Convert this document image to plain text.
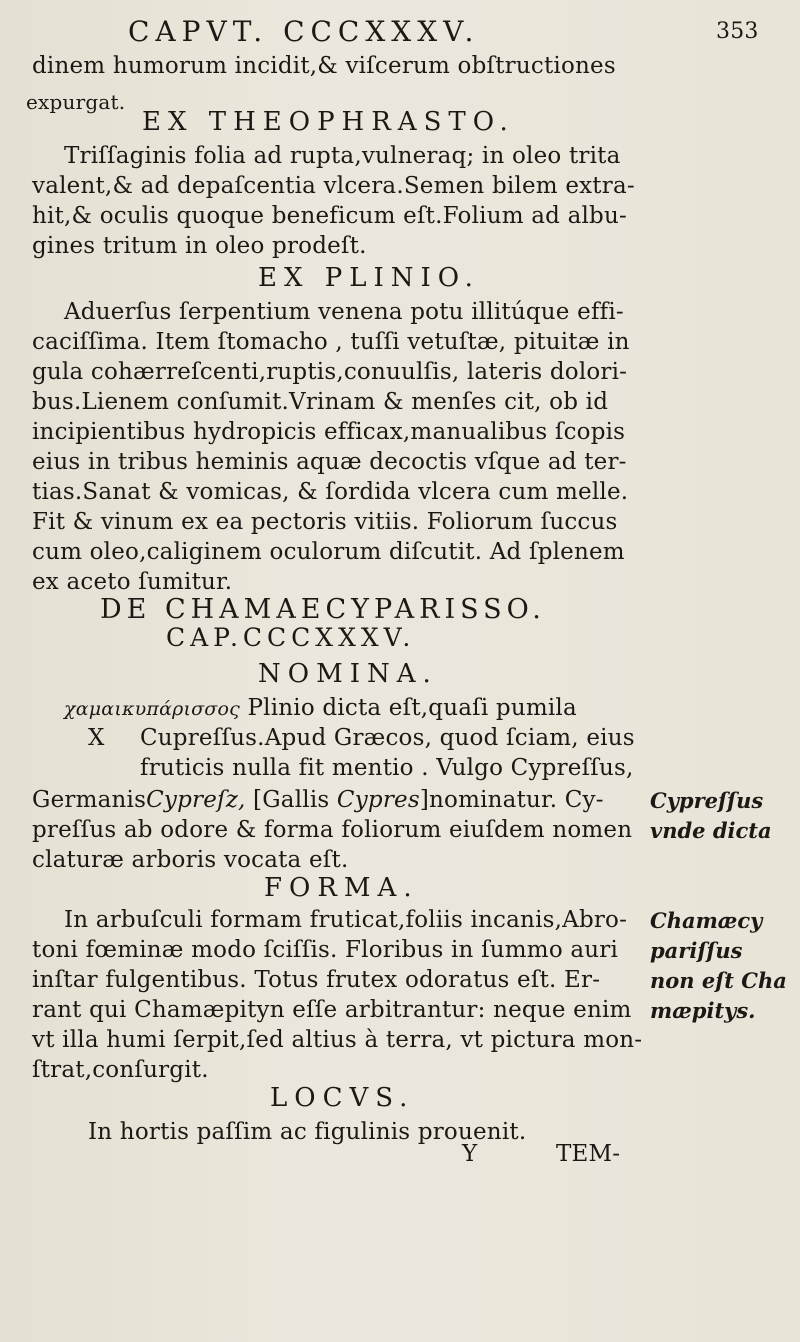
CAPVT. CCCXXXV.	353
dinem humorum incidit,& viſcerum obſtructiones
expurgat.
EX THEOPHRASTO.
Triſſaginis folia ad rupta,vulneraq; in oleo trita
valent,& ad depaſcentia vlcera.Semen bilem extra-
hit,& oculis quoque beneficum eſt.Folium ad albu-
gines tritum in oleo prodeſt.
EX PLINIO.
Aduerſus ſerpentium venena potu illitúque effi-
caciſſima. Item ſtomacho , tuſſi vetuſtæ, pituitæ in
gula cohærreſcenti,ruptis,conuulſis, lateris dolori-
bus.Lienem conſumit.Vrinam & menſes cit, ob id
incipientibus hydropicis efficax,manualibus ſcopis
eius in tribus heminis aquæ decoctis vſque ad ter-
tias.Sanat & vomicas, & ſordida vlcera cum melle.
Fit & vinum ex ea pectoris vitiis. Foliorum ſuccus
cum oleo,caliginem oculorum diſcutit. Ad ſplenem
ex aceto ſumitur.
DE CHAMAECYPARISSO.
CAP.CCCXXXV.
NOMINA.
χαμαικυπάρισσος Plinio dicta eſt,quaſi pumila
X Cupreſſus.Apud Græcos, quod ſciam, eius
fruticis nulla fit mentio . Vulgo Cypreſſus,
GermanisCypreſz, [Gallis Cypres]nominatur. Cy-
preſſus ab odore & forma foliorum eiuſdem nomen
claturæ arboris vocata eſt.
FORMA.
In arbuſculi formam fruticat,foliis incanis,Abro-
toni fœminæ modo ſciſſis. Floribus in ſummo auri
inſtar fulgentibus. Totus frutex odoratus eſt. Er-
rant qui Chamæpityn eſſe arbitrantur: neque enim
vt illa humi ſerpit,ſed altius à terra, vt pictura mon-
ſtrat,conſurgit.
LOCVS.
In hortis paſſim ac figulinis prouenit.
Y	TEM-
Cypreſſus
vnde dicta
Chamæcy
pariſſus
non eſt Cha
mæpitys.
